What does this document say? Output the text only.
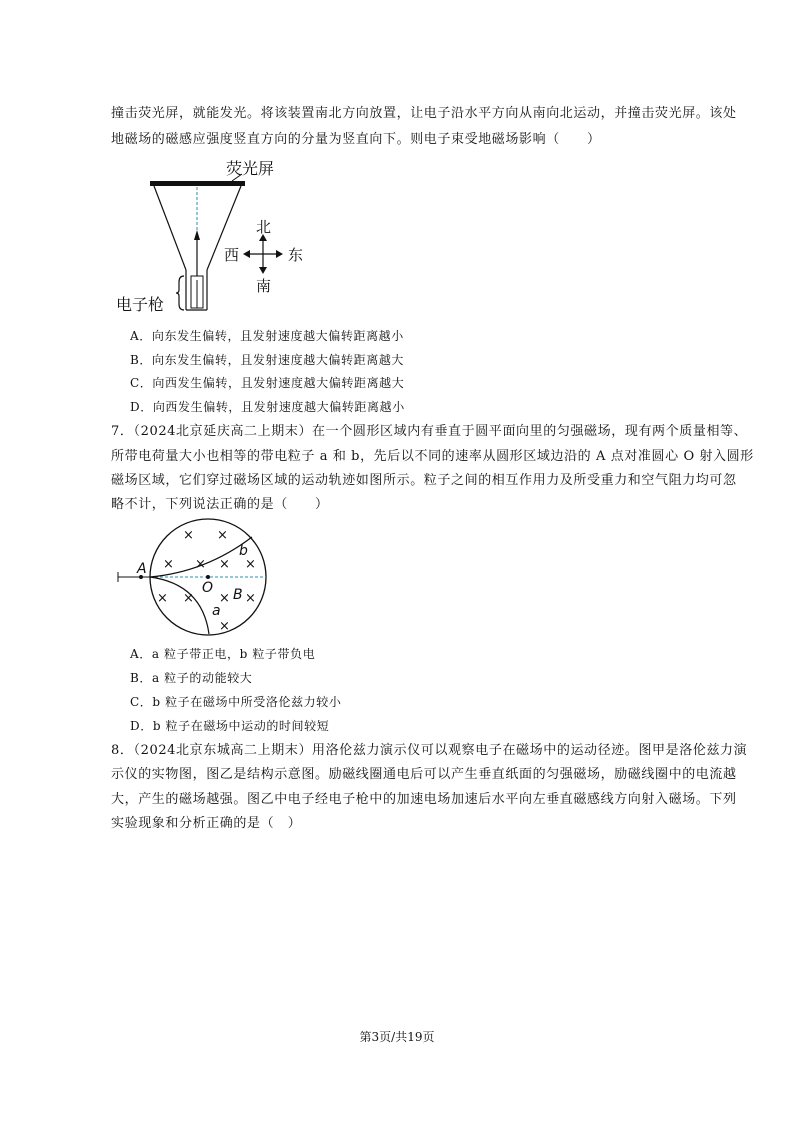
撞击荧光屏，就能发光。将该装置南北方向放置，让电子沿水平方向从南向北运动，并撞击荧光屏。该处
地磁场的磁感应强度竖直方向的分量为竖直向下。则电子束受地磁场影响（　　）
荧光屏
电子枪
北
南
东
西
A．向东发生偏转，且发射速度越大偏转距离越小
B．向东发生偏转，且发射速度越大偏转距离越大
C．向西发生偏转，且发射速度越大偏转距离越大
D．向西发生偏转，且发射速度越大偏转距离越小
7．（2024北京延庆高二上期末）在一个圆形区域内有垂直于圆平面向里的匀强磁场，现有两个质量相等、
所带电荷量大小也相等的带电粒子 a 和 b，先后以不同的速率从圆形区域边沿的 A 点对准圆心 O 射入圆形
磁场区域，它们穿过磁场区域的运动轨迹如图所示。粒子之间的相互作用力及所受重力和空气阻力均可忽
略不计，下列说法正确的是（　　）
A
O B
a
b
× ×
× × × ×
× × × ×
×
A．a 粒子带正电，b 粒子带负电
B．a 粒子的动能较大
C．b 粒子在磁场中所受洛伦兹力较小
D．b 粒子在磁场中运动的时间较短
8．（2024北京东城高二上期末）用洛伦兹力演示仪可以观察电子在磁场中的运动径迹。图甲是洛伦兹力演
示仪的实物图，图乙是结构示意图。励磁线圈通电后可以产生垂直纸面的匀强磁场，励磁线圈中的电流越
大，产生的磁场越强。图乙中电子经电子枪中的加速电场加速后水平向左垂直磁感线方向射入磁场。下列
实验现象和分析正确的是（　）
第3页/共19页
